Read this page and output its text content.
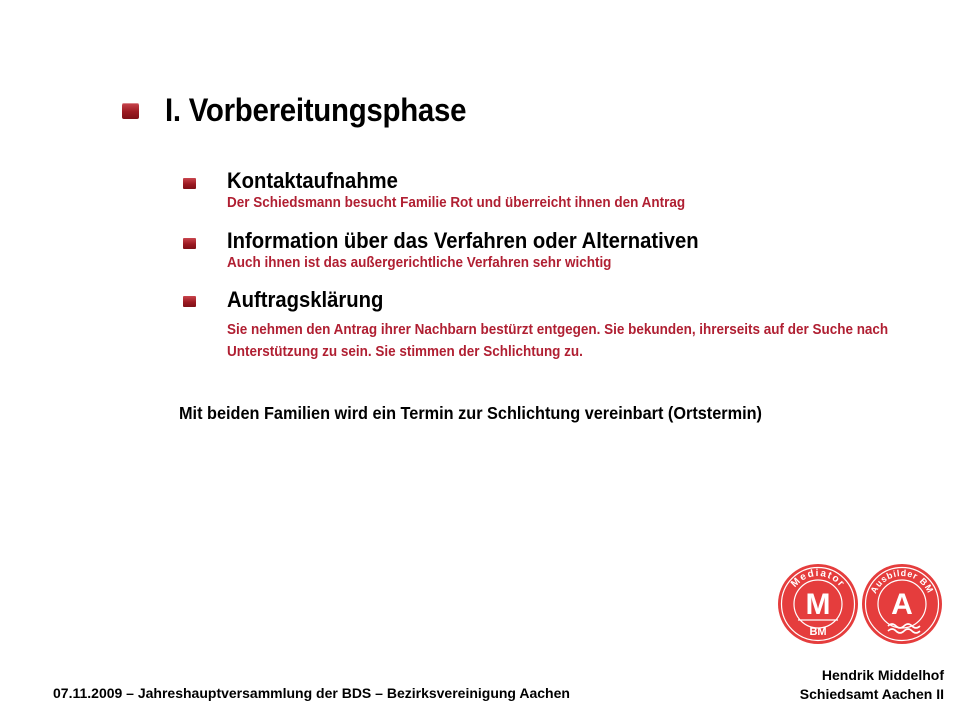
I. Vorbereitungsphase
Kontaktaufnahme
Der Schiedsmann besucht Familie Rot und überreicht ihnen den Antrag
Information über das Verfahren oder Alternativen
Auch ihnen ist das außergerichtliche Verfahren sehr wichtig
Auftragsklärung
Sie nehmen den Antrag ihrer Nachbarn bestürzt entgegen. Sie bekunden, ihrerseits auf der Suche nach Unterstützung zu sein. Sie stimmen der Schlichtung zu.
Mit beiden Familien wird ein Termin zur Schlichtung vereinbart (Ortstermin)
Mediator
M
BM
Ausbilder BM
A
Hendrik Middelhof
Schiedsamt Aachen II
07.11.2009 – Jahreshauptversammlung der BDS – Bezirksvereinigung Aachen
